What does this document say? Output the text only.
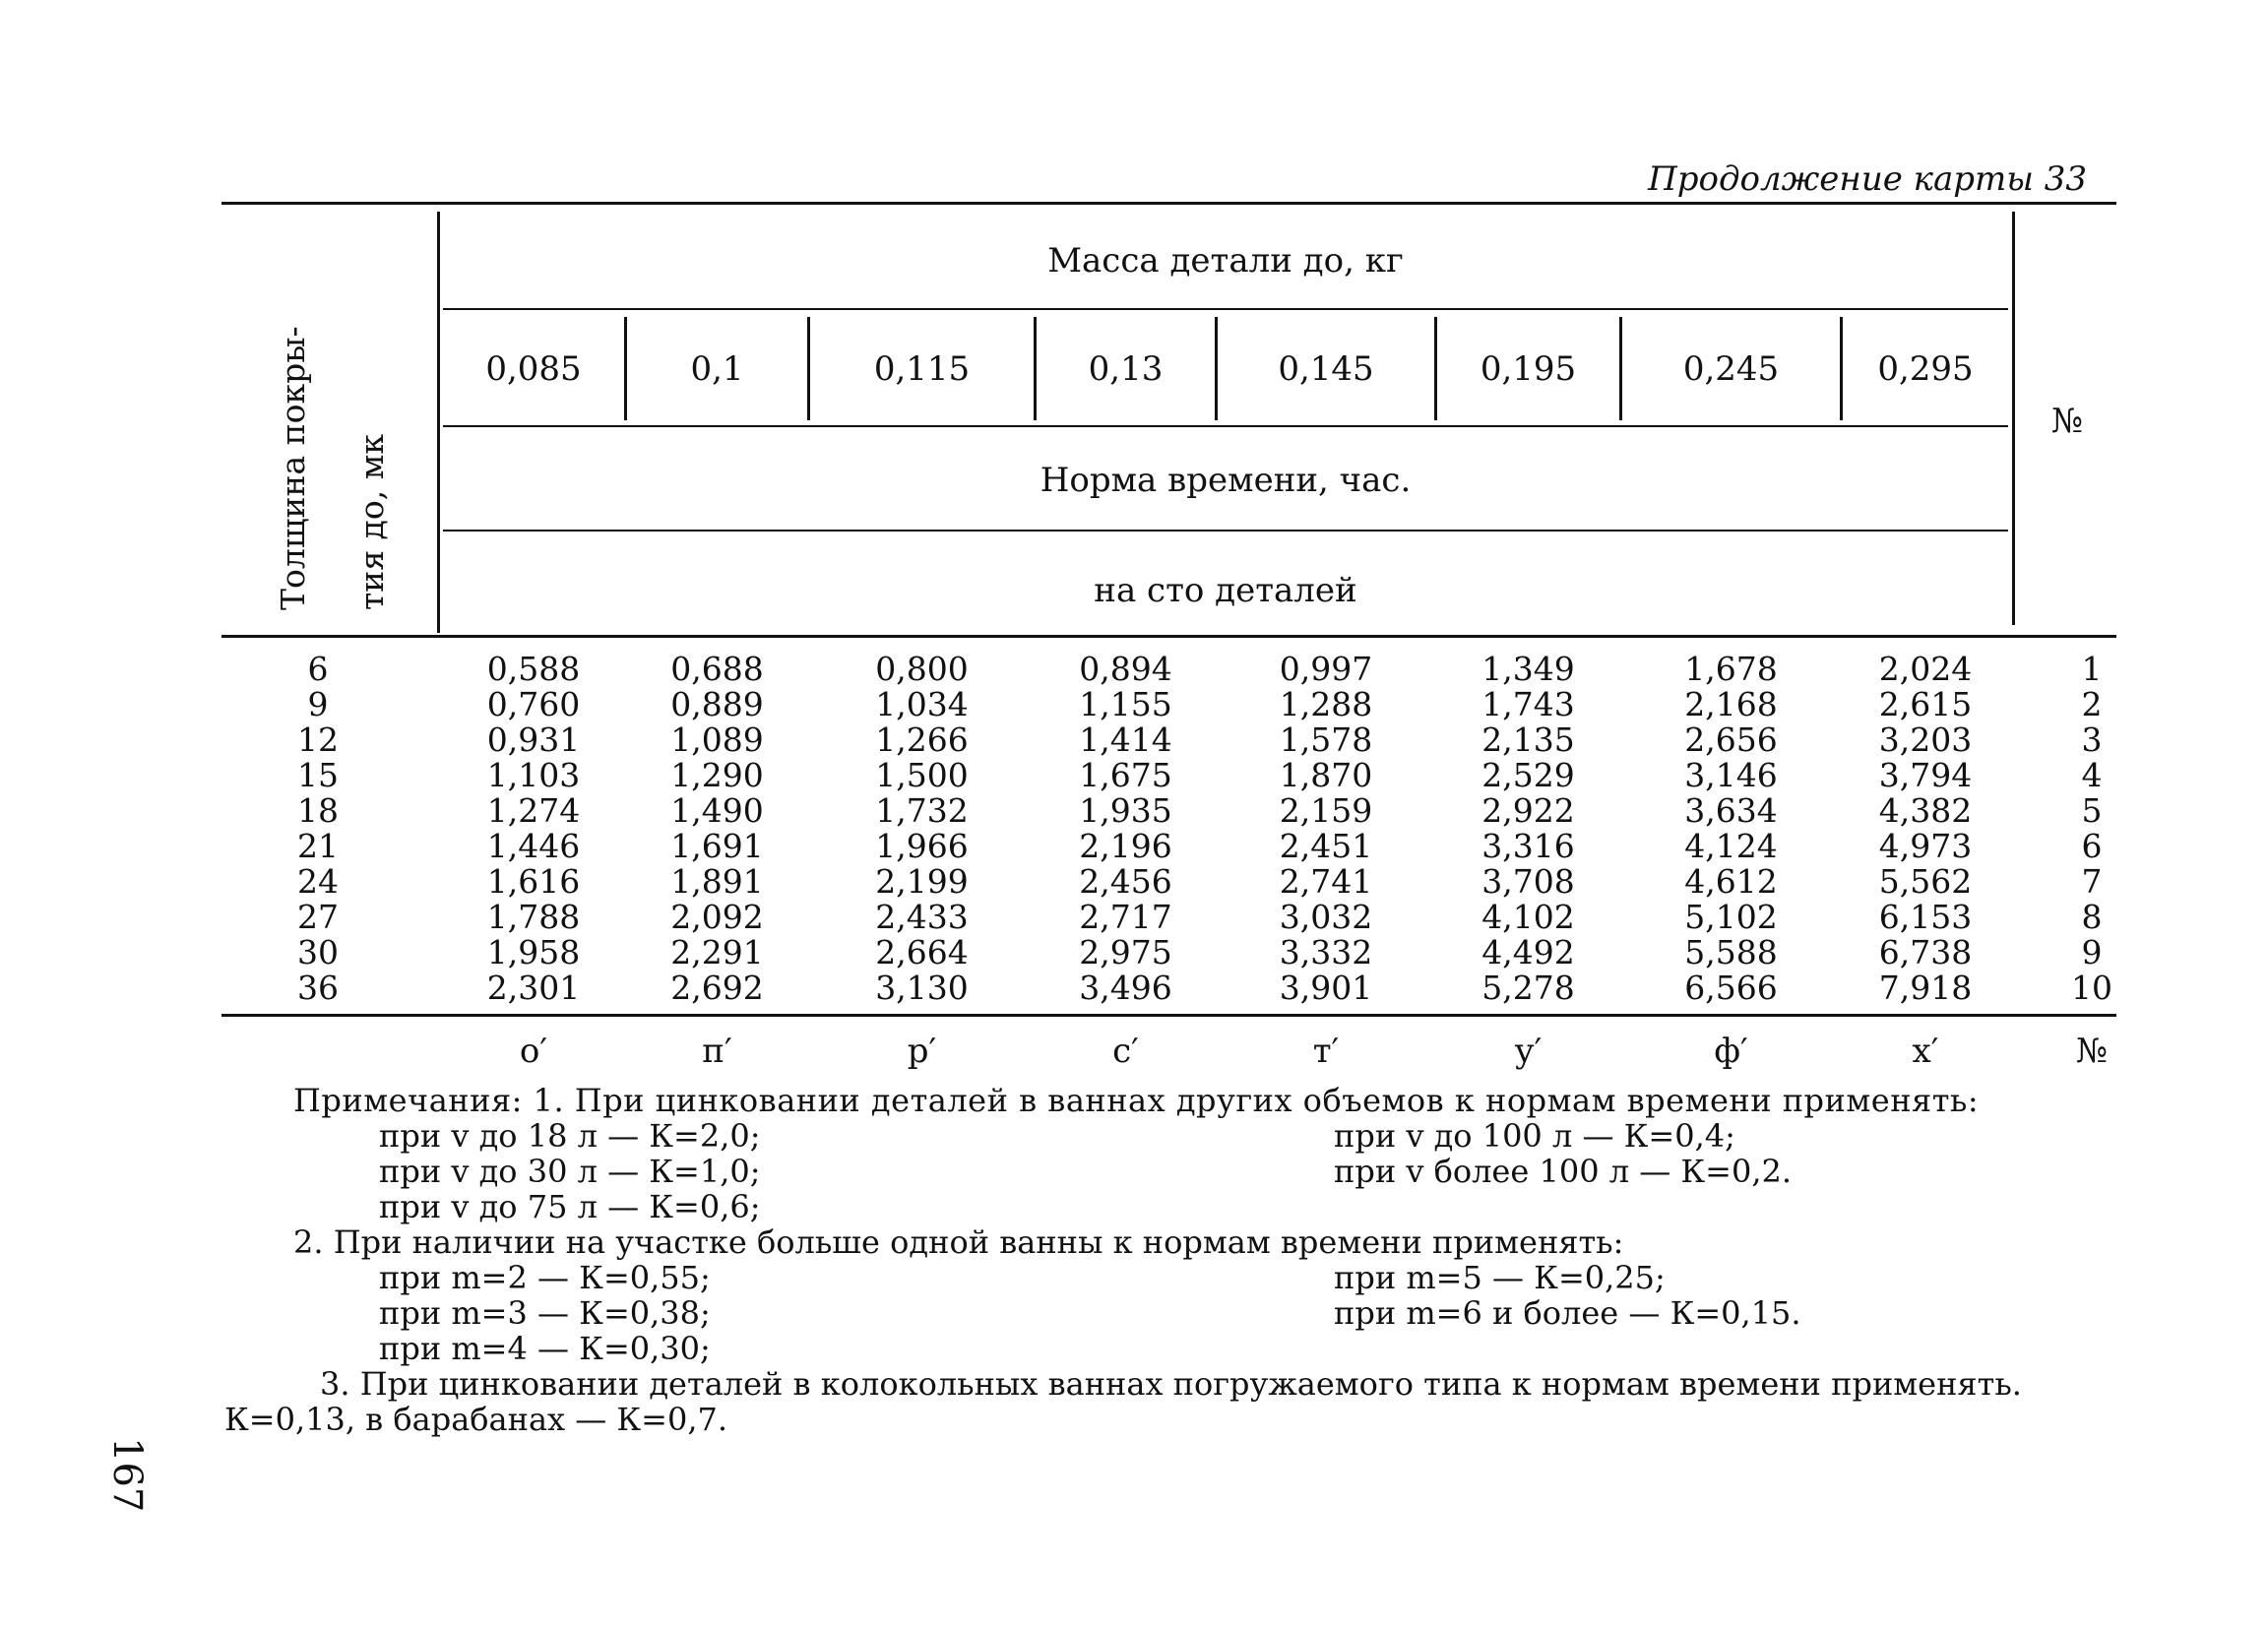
Продолжение карты 33
Толщина покры- тия до, мк
Масса детали до, кг
0,085	0,1	0,115	0,13	0,145	0,195	0,245	0,295
Норма времени, час.
на сто деталей
№
6	0,588	0,688	0,800	0,894	0,997	1,349	1,678	2,024	1
9	0,760	0,889	1,034	1,155	1,288	1,743	2,168	2,615	2
12	0,931	1,089	1,266	1,414	1,578	2,135	2,656	3,203	3
15	1,103	1,290	1,500	1,675	1,870	2,529	3,146	3,794	4
18	1,274	1,490	1,732	1,935	2,159	2,922	3,634	4,382	5
21	1,446	1,691	1,966	2,196	2,451	3,316	4,124	4,973	6
24	1,616	1,891	2,199	2,456	2,741	3,708	4,612	5,562	7
27	1,788	2,092	2,433	2,717	3,032	4,102	5,102	6,153	8
30	1,958	2,291	2,664	2,975	3,332	4,492	5,588	6,738	9
36	2,301	2,692	3,130	3,496	3,901	5,278	6,566	7,918	10
о′	п′	р′	с′	т′	у′	ф′	х′	№
Примечания: 1. При цинковании деталей в ваннах других объемов к нормам времени применять:
при v до 18 л — К=2,0;
при v до 30 л — К=1,0;
при v до 75 л — К=0,6;
при v до 100 л — К=0,4;
при v более 100 л — К=0,2.
2. При наличии на участке больше одной ванны к нормам времени применять:
при m=2 — К=0,55;
при m=3 — К=0,38;
при m=4 — К=0,30;
при m=5 — К=0,25;
при m=6 и более — К=0,15.
3. При цинковании деталей в колокольных ваннах погружаемого типа к нормам времени применять.
К=0,13, в барабанах — К=0,7.
167
